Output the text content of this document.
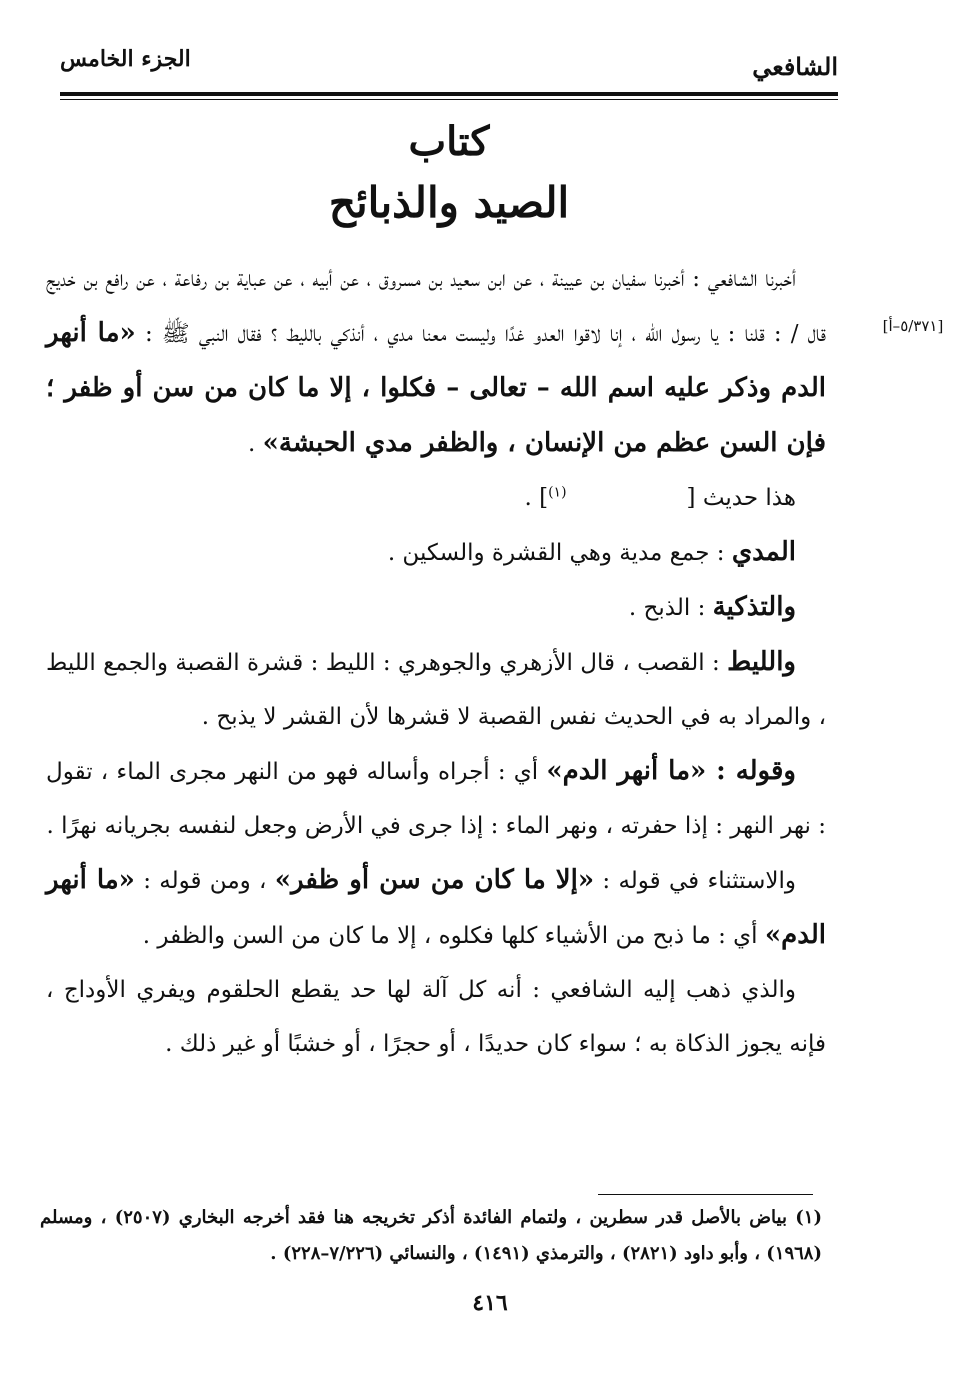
الشافعي
الجزء الخامس
كتاب
الصيد والذبائح
[٥/٣٧١–أ]

أخبرنا الشافعي : أخبرنا سفيان بن عيينة ، عن ابن سعيد بن مسروق ، عن أبيه ، عن عباية بن رفاعة ، عن رافع بن خديج قال / : قلنا : يا رسول الله ، إنا لاقوا العدو غدًا وليست معنا مدي ، أنذكي بالليط ؟ فقال النبي ﷺ : «ما أنهر الدم وذكر عليه اسم الله – تعالى – فكلوا ، إلا ما كان من سن أو ظفر ؛ فإن السن عظم من الإنسان ، والظفر مدي الحبشة» .

هذا حديث [$^{(١)}$] .

المدي : جمع مدية وهي القشرة والسكين .

والتذكية : الذبح .

والليط : القصب ، قال الأزهري والجوهري : الليط : قشرة القصبة والجمع الليط ، والمراد به في الحديث نفس القصبة لا قشرها لأن القشر لا يذبح .

وقوله : «ما أنهر الدم» أي : أجراه وأساله فهو من النهر مجرى الماء ، تقول : نهر النهر : إذا حفرته ، ونهر الماء : إذا جرى في الأرض وجعل لنفسه بجريانه نهرًا .

والاستثناء في قوله : «إلا ما كان من سن أو ظفر» ، ومن قوله : «ما أنهر الدم» أي : ما ذبح من الأشياء كلها فكلوه ، إلا ما كان من السن والظفر .

والذي ذهب إليه الشافعي : أنه كل آلة لها حد يقطع الحلقوم ويفري الأوداج ، فإنه يجوز الذكاة به ؛ سواء كان حديدًا ، أو حجرًا ، أو خشبًا أو غير ذلك .

(١) بياض بالأصل قدر سطرين ، ولتمام الفائدة أذكر تخريجه هنا فقد أخرجه البخاري (٢٥٠٧) ، ومسلم (١٩٦٨) ، وأبو داود (٢٨٢١) ، والترمذي (١٤٩١) ، والنسائي (٧/٢٢٦–٢٢٨) .

٤١٦
